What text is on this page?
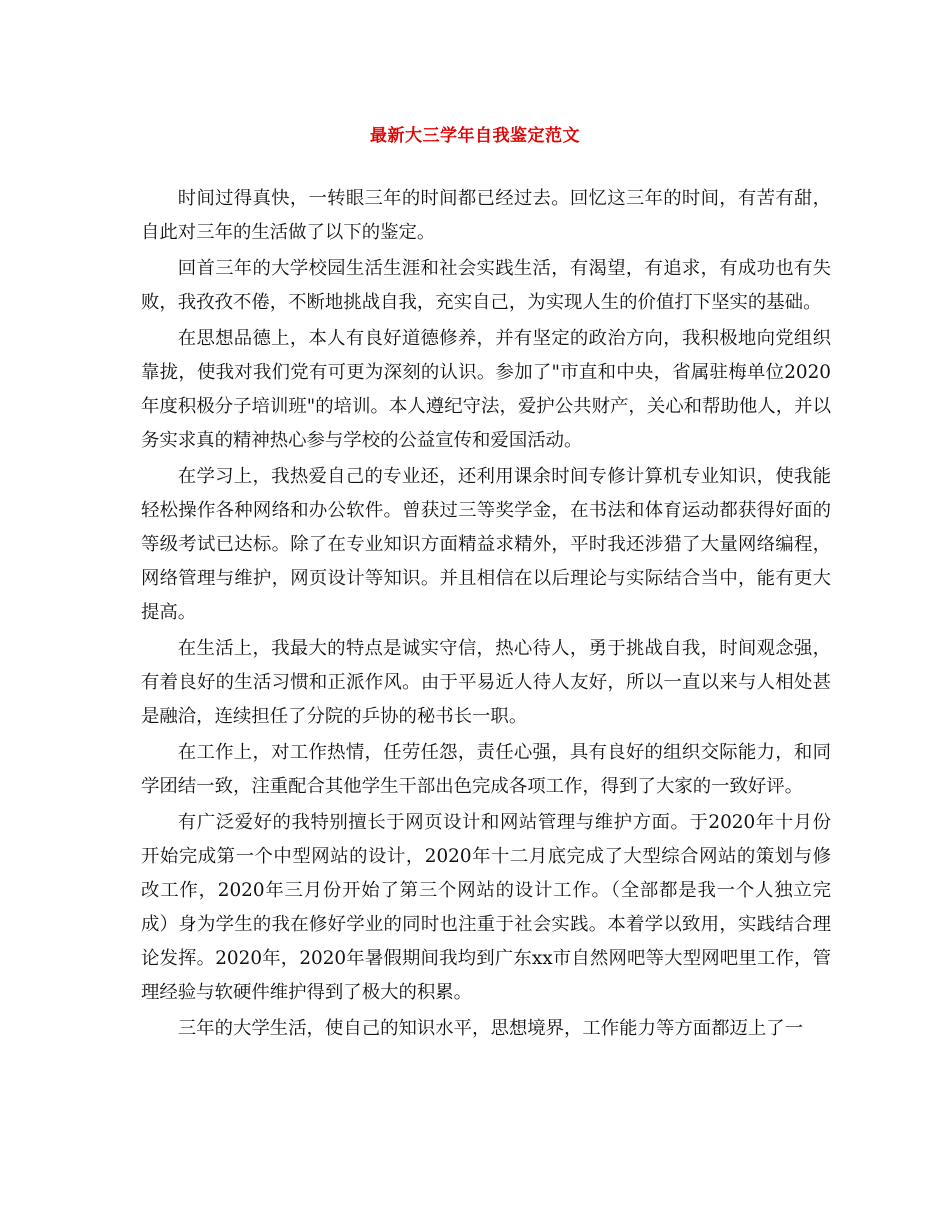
最新大三学年自我鉴定范文

时间过得真快，一转眼三年的时间都已经过去。回忆这三年的时间，有苦有甜，自此对三年的生活做了以下的鉴定。

回首三年的大学校园生活生涯和社会实践生活，有渴望，有追求，有成功也有失败，我孜孜不倦，不断地挑战自我，充实自己，为实现人生的价值打下坚实的基础。

在思想品德上，本人有良好道德修养，并有坚定的政治方向，我积极地向党组织靠拢，使我对我们党有可更为深刻的认识。参加了"市直和中央，省属驻梅单位2020年度积极分子培训班"的培训。本人遵纪守法，爱护公共财产，关心和帮助他人，并以务实求真的精神热心参与学校的公益宣传和爱国活动。

在学习上，我热爱自己的专业还，还利用课余时间专修计算机专业知识，使我能轻松操作各种网络和办公软件。曾获过三等奖学金，在书法和体育运动都获得好面的等级考试已达标。除了在专业知识方面精益求精外，平时我还涉猎了大量网络编程，网络管理与维护，网页设计等知识。并且相信在以后理论与实际结合当中，能有更大提高。

在生活上，我最大的特点是诚实守信，热心待人，勇于挑战自我，时间观念强，有着良好的生活习惯和正派作风。由于平易近人待人友好，所以一直以来与人相处甚是融洽，连续担任了分院的乒协的秘书长一职。

在工作上，对工作热情，任劳任怨，责任心强，具有良好的组织交际能力，和同学团结一致，注重配合其他学生干部出色完成各项工作，得到了大家的一致好评。

有广泛爱好的我特别擅长于网页设计和网站管理与维护方面。于2020年十月份开始完成第一个中型网站的设计，2020年十二月底完成了大型综合网站的策划与修改工作，2020年三月份开始了第三个网站的设计工作。（全部都是我一个人独立完成）身为学生的我在修好学业的同时也注重于社会实践。本着学以致用，实践结合理论发挥。2020年，2020年暑假期间我均到广东xx市自然网吧等大型网吧里工作，管理经验与软硬件维护得到了极大的积累。

三年的大学生活，使自己的知识水平，思想境界，工作能力等方面都迈上了一
